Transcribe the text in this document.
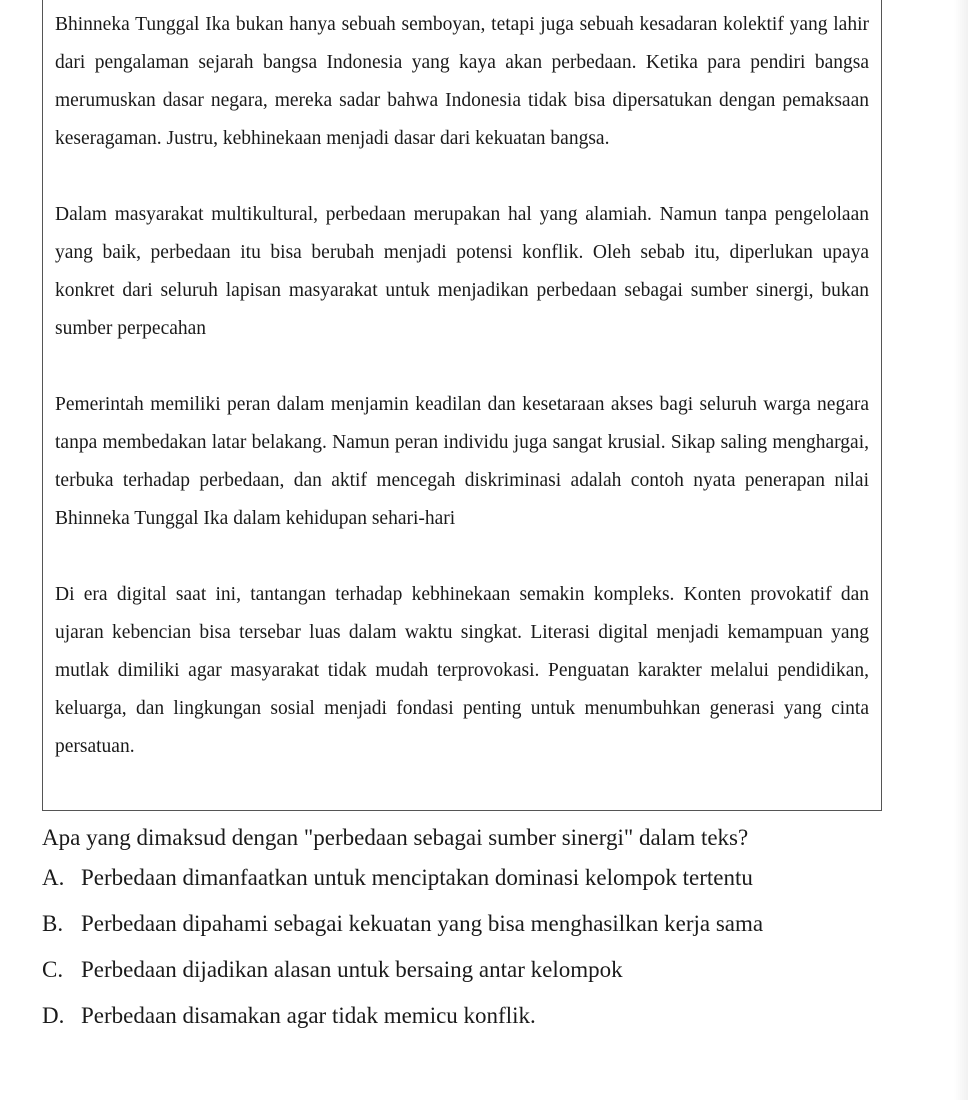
Bhinneka Tunggal Ika bukan hanya sebuah semboyan, tetapi juga sebuah kesadaran kolektif yang lahir dari pengalaman sejarah bangsa Indonesia yang kaya akan perbedaan. Ketika para pendiri bangsa merumuskan dasar negara, mereka sadar bahwa Indonesia tidak bisa dipersatukan dengan pemaksaan keseragaman. Justru, kebhinekaan menjadi dasar dari kekuatan bangsa.

Dalam masyarakat multikultural, perbedaan merupakan hal yang alamiah. Namun tanpa pengelolaan yang baik, perbedaan itu bisa berubah menjadi potensi konflik. Oleh sebab itu, diperlukan upaya konkret dari seluruh lapisan masyarakat untuk menjadikan perbedaan sebagai sumber sinergi, bukan sumber perpecahan

Pemerintah memiliki peran dalam menjamin keadilan dan kesetaraan akses bagi seluruh warga negara tanpa membedakan latar belakang. Namun peran individu juga sangat krusial. Sikap saling menghargai, terbuka terhadap perbedaan, dan aktif mencegah diskriminasi adalah contoh nyata penerapan nilai Bhinneka Tunggal Ika dalam kehidupan sehari-hari

Di era digital saat ini, tantangan terhadap kebhinekaan semakin kompleks. Konten provokatif dan ujaran kebencian bisa tersebar luas dalam waktu singkat. Literasi digital menjadi kemampuan yang mutlak dimiliki agar masyarakat tidak mudah terprovokasi. Penguatan karakter melalui pendidikan, keluarga, dan lingkungan sosial menjadi fondasi penting untuk menumbuhkan generasi yang cinta persatuan.

Apa yang dimaksud dengan "perbedaan sebagai sumber sinergi" dalam teks?

A. Perbedaan dimanfaatkan untuk menciptakan dominasi kelompok tertentu
B. Perbedaan dipahami sebagai kekuatan yang bisa menghasilkan kerja sama
C. Perbedaan dijadikan alasan untuk bersaing antar kelompok
D. Perbedaan disamakan agar tidak memicu konflik.
